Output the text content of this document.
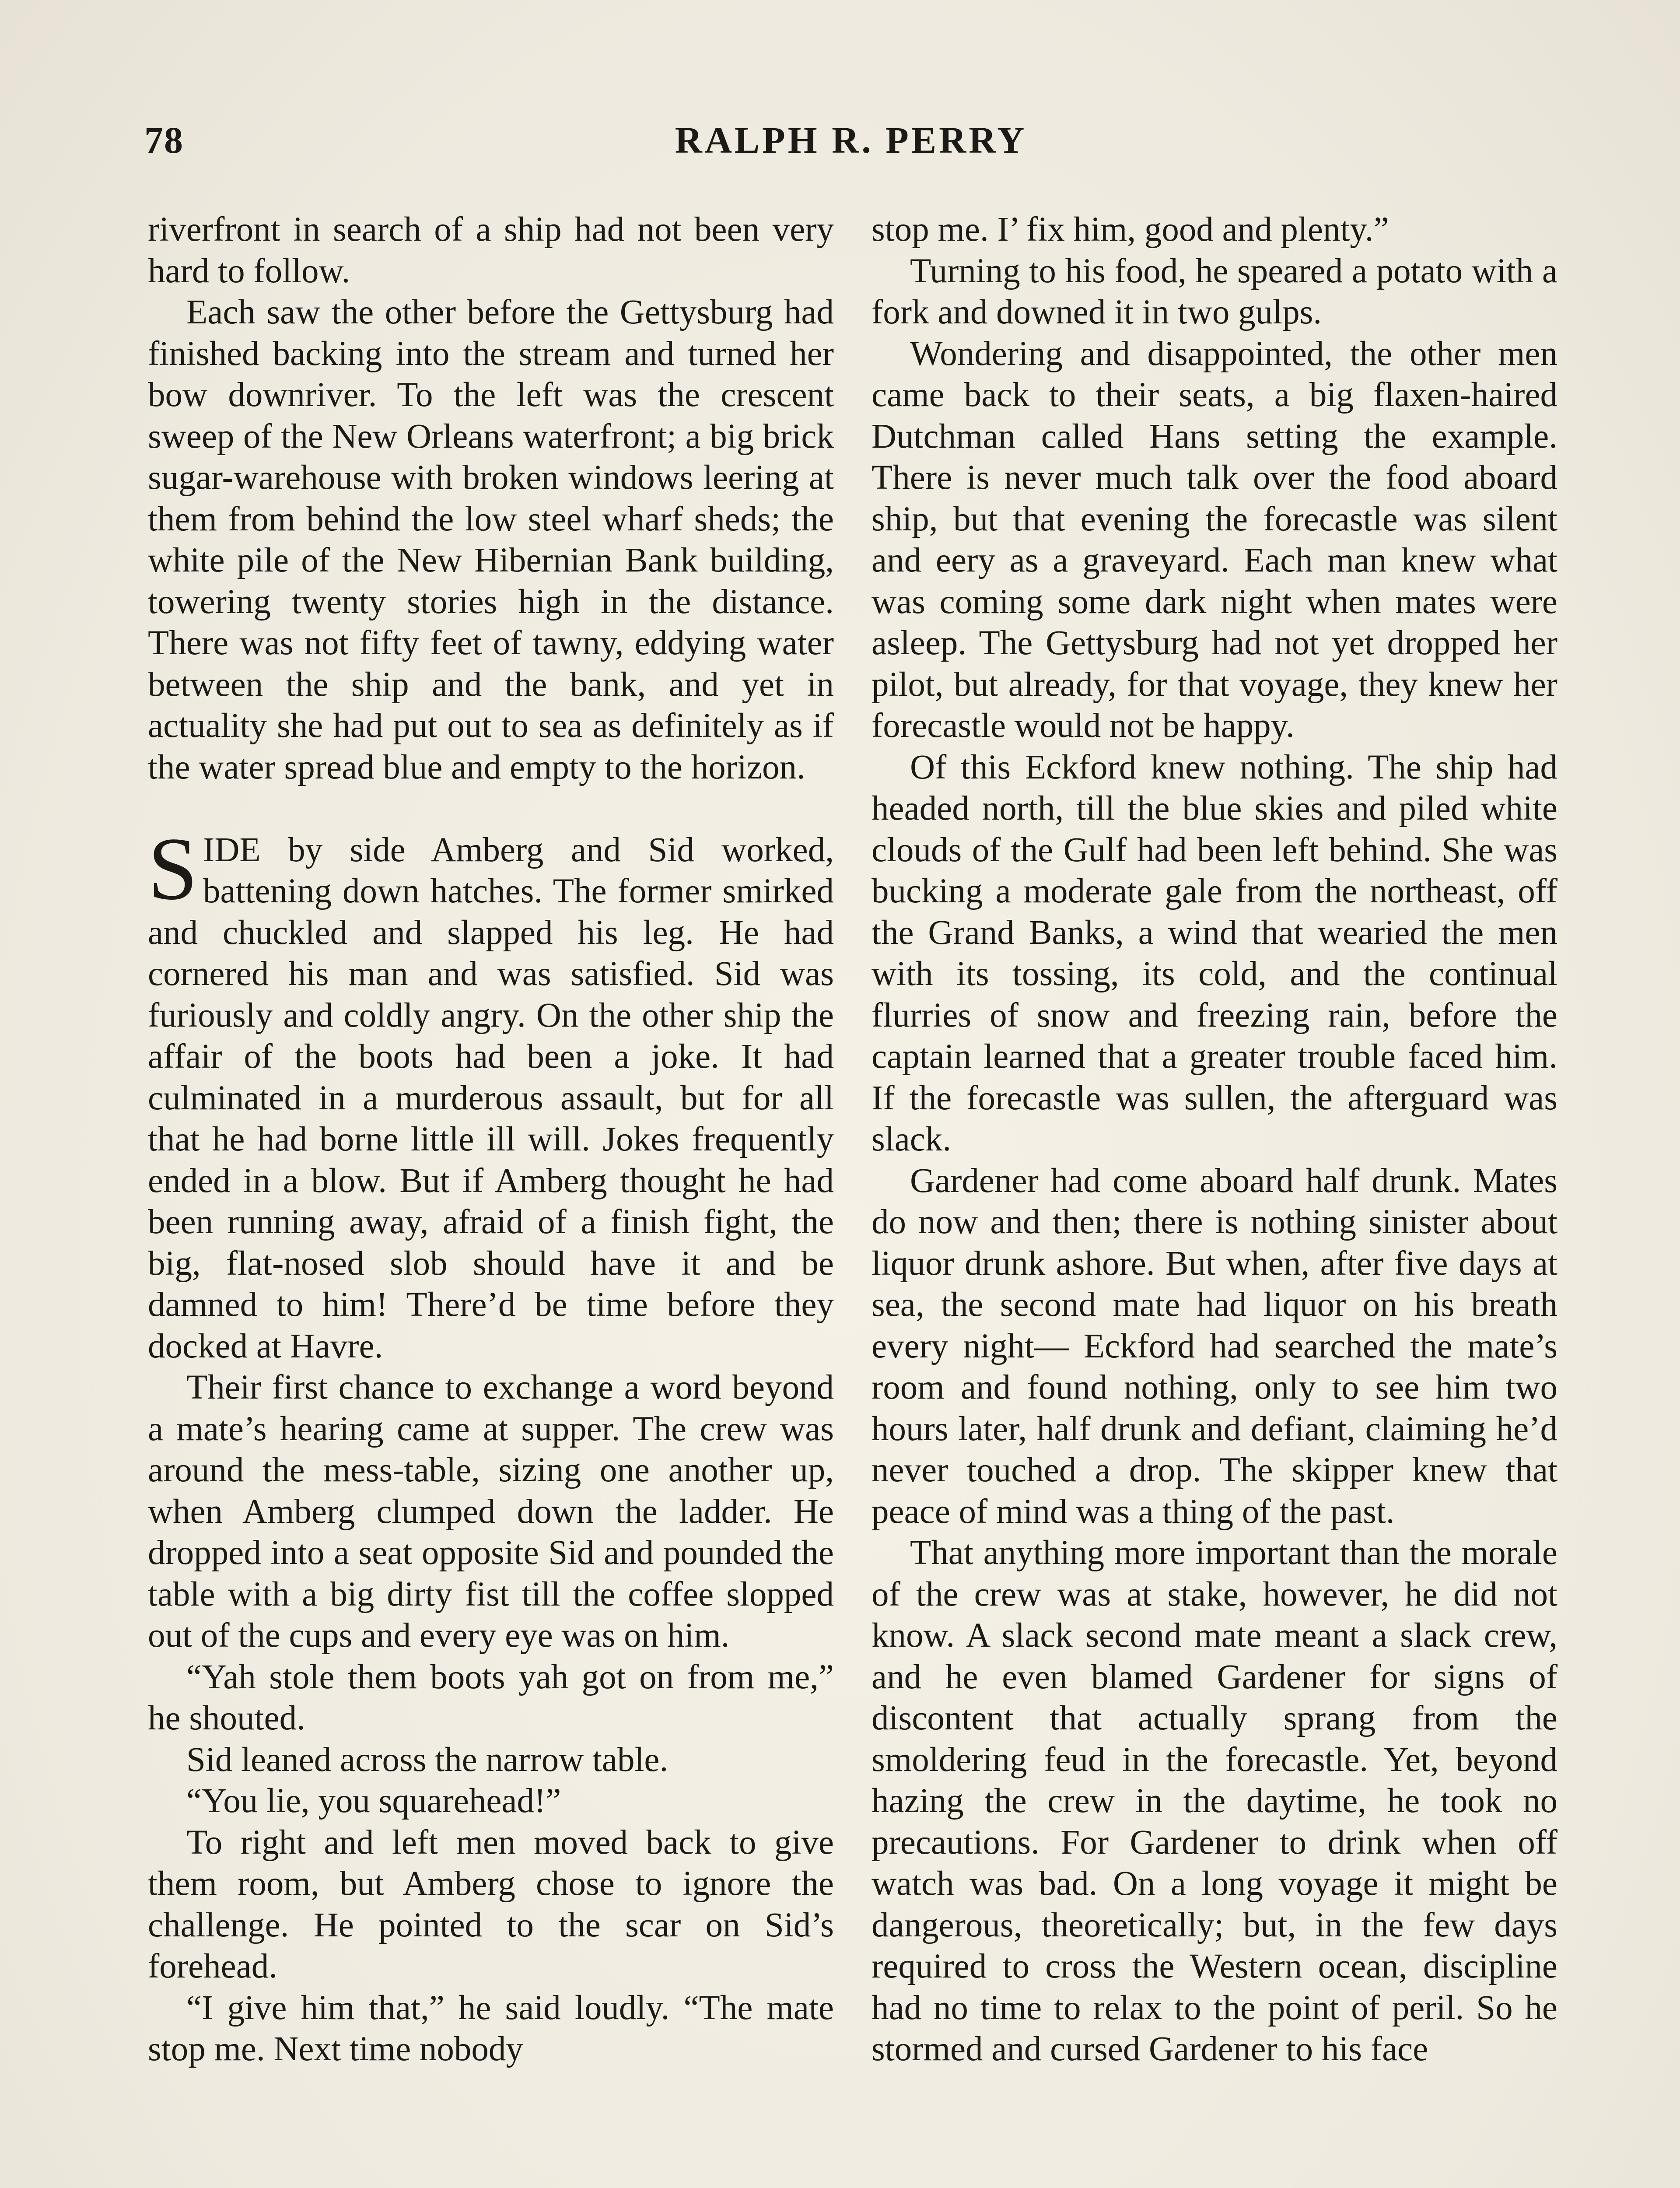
78	RALPH R. PERRY

riverfront in search of a ship had not been very hard to follow.

Each saw the other before the Gettysburg had finished backing into the stream and turned her bow downriver. To the left was the crescent sweep of the New Orleans waterfront; a big brick sugar-warehouse with broken windows leering at them from behind the low steel wharf sheds; the white pile of the New Hibernian Bank building, towering twenty stories high in the distance. There was not fifty feet of tawny, eddying water between the ship and the bank, and yet in actuality she had put out to sea as definitely as if the water spread blue and empty to the horizon.

SIDE by side Amberg and Sid worked, battening down hatches. The former smirked and chuckled and slapped his leg. He had cornered his man and was satisfied. Sid was furiously and coldly angry. On the other ship the affair of the boots had been a joke. It had culminated in a murderous assault, but for all that he had borne little ill will. Jokes frequently ended in a blow. But if Amberg thought he had been running away, afraid of a finish fight, the big, flat-nosed slob should have it and be damned to him! There’d be time before they docked at Havre.

Their first chance to exchange a word beyond a mate’s hearing came at supper. The crew was around the mess-table, sizing one another up, when Amberg clumped down the ladder. He dropped into a seat opposite Sid and pounded the table with a big dirty fist till the coffee slopped out of the cups and every eye was on him.

“Yah stole them boots yah got on from me,” he shouted.

Sid leaned across the narrow table.

“You lie, you squarehead!”

To right and left men moved back to give them room, but Amberg chose to ignore the challenge. He pointed to the scar on Sid’s forehead.

“I give him that,” he said loudly. “The mate stop me. Next time nobody

stop me. I’ fix him, good and plenty.”

Turning to his food, he speared a potato with a fork and downed it in two gulps.

Wondering and disappointed, the other men came back to their seats, a big flaxen-haired Dutchman called Hans setting the example. There is never much talk over the food aboard ship, but that evening the forecastle was silent and eery as a graveyard. Each man knew what was coming some dark night when mates were asleep. The Gettysburg had not yet dropped her pilot, but already, for that voyage, they knew her forecastle would not be happy.

Of this Eckford knew nothing. The ship had headed north, till the blue skies and piled white clouds of the Gulf had been left behind. She was bucking a moderate gale from the northeast, off the Grand Banks, a wind that wearied the men with its tossing, its cold, and the continual flurries of snow and freezing rain, before the captain learned that a greater trouble faced him. If the forecastle was sullen, the afterguard was slack.

Gardener had come aboard half drunk. Mates do now and then; there is nothing sinister about liquor drunk ashore. But when, after five days at sea, the second mate had liquor on his breath every night— Eckford had searched the mate’s room and found nothing, only to see him two hours later, half drunk and defiant, claiming he’d never touched a drop. The skipper knew that peace of mind was a thing of the past.

That anything more important than the morale of the crew was at stake, however, he did not know. A slack second mate meant a slack crew, and he even blamed Gardener for signs of discontent that actually sprang from the smoldering feud in the forecastle. Yet, beyond hazing the crew in the daytime, he took no precautions. For Gardener to drink when off watch was bad. On a long voyage it might be dangerous, theoretically; but, in the few days required to cross the Western ocean, discipline had no time to relax to the point of peril. So he stormed and cursed Gardener to his face
